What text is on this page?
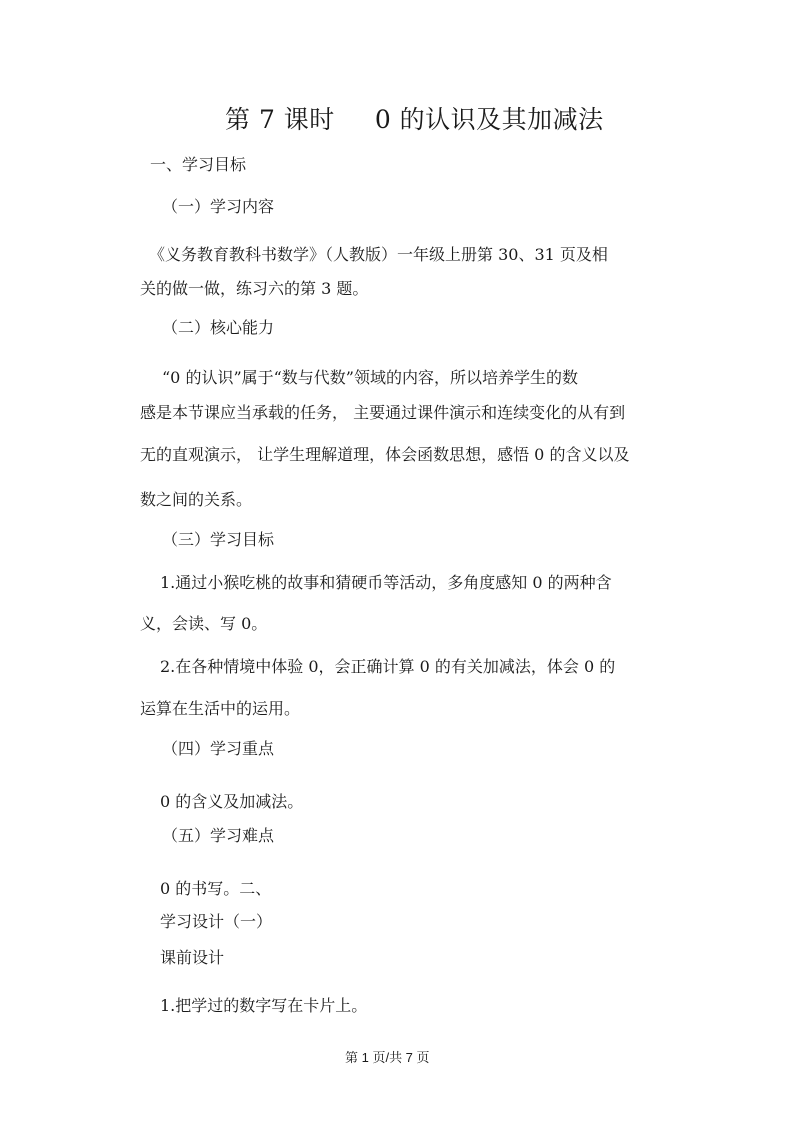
第 7 课时 0 的认识及其加减法

一、学习目标

（一）学习内容

《义务教育教科书数学》（人教版）一年级上册第 30、31 页及相

关的做一做，练习六的第 3 题。

（二）核心能力

“0 的认识”属于“数与代数”领域的内容，所以培养学生的数

感是本节课应当承载的任务， 主要通过课件演示和连续变化的从有到

无的直观演示， 让学生理解道理，体会函数思想，感悟 0 的含义以及

数之间的关系。

（三）学习目标

1.通过小猴吃桃的故事和猜硬币等活动，多角度感知 0 的两种含

义，会读、写 0。

2.在各种情境中体验 0，会正确计算 0 的有关加减法，体会 0 的

运算在生活中的运用。

（四）学习重点

0 的含义及加减法。

（五）学习难点

0 的书写。二、

学习设计（一）

课前设计

1.把学过的数字写在卡片上。

第 1 页/共 7 页
